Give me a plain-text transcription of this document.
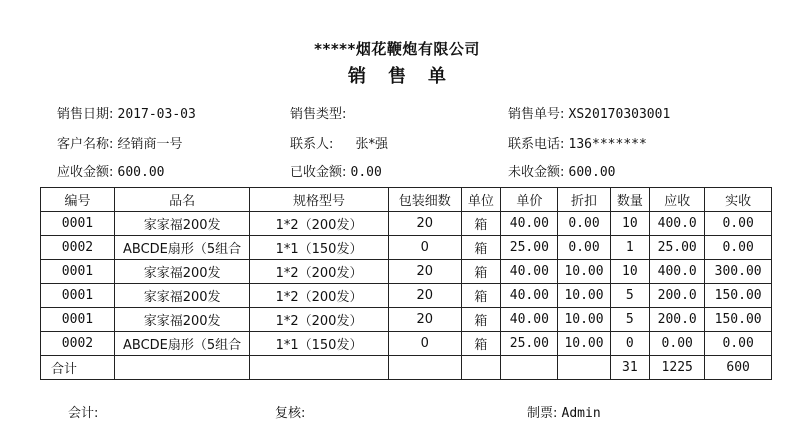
*****烟花鞭炮有限公司
销售单
销售日期: 2017-03-03	销售类型:	销售单号: XS20170303001
客户名称: 经销商一号	联系人: 张*强	联系电话: 136*******
应收金额: 600.00	已收金额: 0.00	未收金额: 600.00
编号	品名	规格型号	包装细数	单位	单价	折扣	数量	应收	实收
0001	家家福200发	1*2（200发）	20	箱	40.00	0.00	10	400.0	0.00
0002	ABCDE扇形（5组合	1*1（150发）	0	箱	25.00	0.00	1	25.00	0.00
0001	家家福200发	1*2（200发）	20	箱	40.00	10.00	10	400.0	300.00
0001	家家福200发	1*2（200发）	20	箱	40.00	10.00	5	200.0	150.00
0001	家家福200发	1*2（200发）	20	箱	40.00	10.00	5	200.0	150.00
0002	ABCDE扇形（5组合	1*1（150发）	0	箱	25.00	10.00	0	0.00	0.00
合计							31	1225	600
会计:	复核:	制票: Admin
